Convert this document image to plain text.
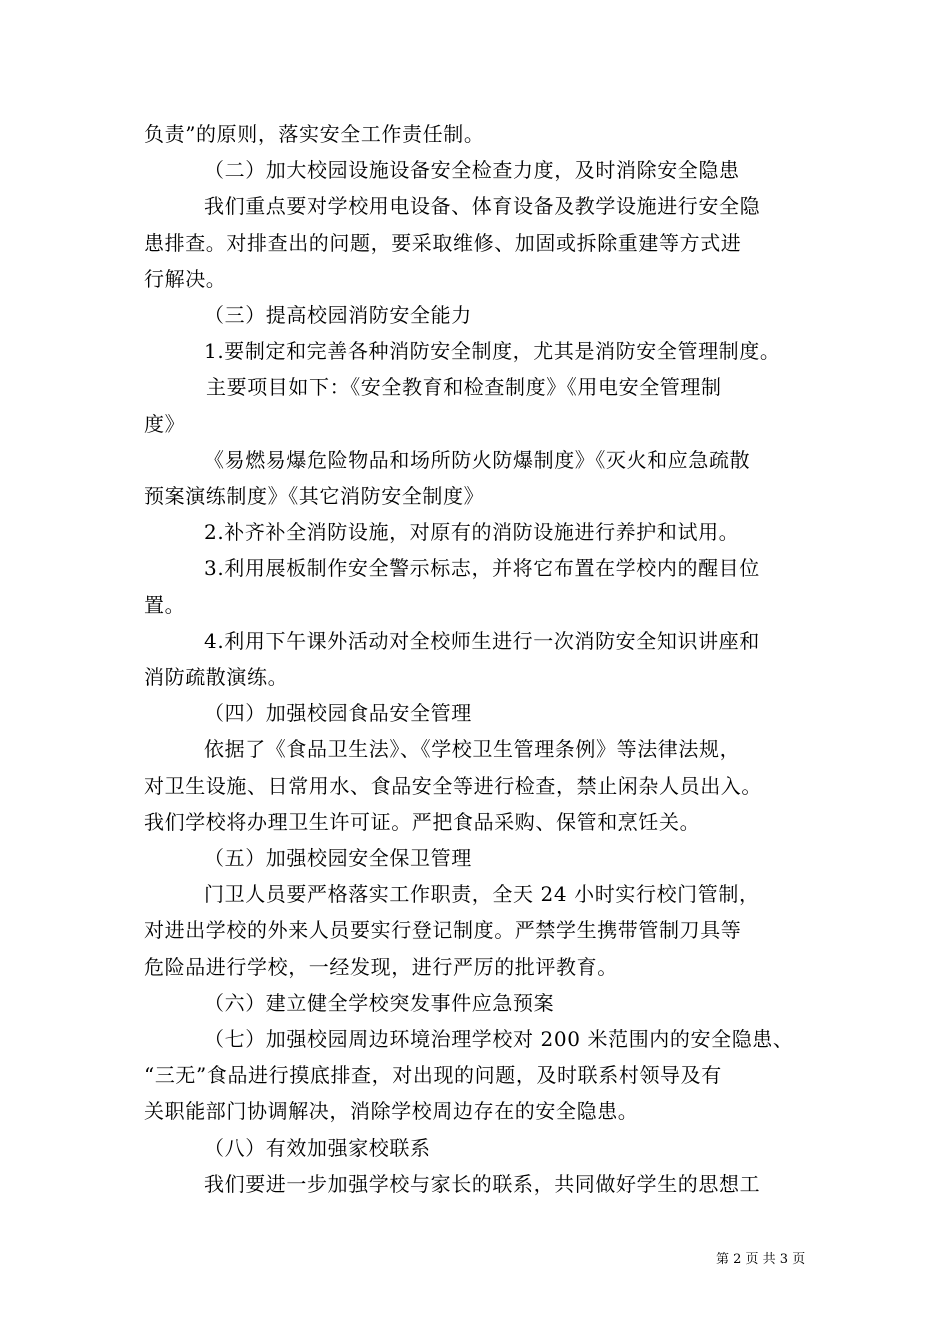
负责”的原则，落实安全工作责任制。
（二）加大校园设施设备安全检查力度，及时消除安全隐患
我们重点要对学校用电设备、体育设备及教学设施进行安全隐
患排查。对排查出的问题，要采取维修、加固或拆除重建等方式进
行解决。
（三）提高校园消防安全能力
1.要制定和完善各种消防安全制度，尤其是消防安全管理制度。
主要项目如下：《安全教育和检查制度》《用电安全管理制
度》
《易燃易爆危险物品和场所防火防爆制度》《灭火和应急疏散
预案演练制度》《其它消防安全制度》
2.补齐补全消防设施，对原有的消防设施进行养护和试用。
3.利用展板制作安全警示标志，并将它布置在学校内的醒目位
置。
4.利用下午课外活动对全校师生进行一次消防安全知识讲座和
消防疏散演练。
（四）加强校园食品安全管理
依据了《食品卫生法》、《学校卫生管理条例》等法律法规，
对卫生设施、日常用水、食品安全等进行检查，禁止闲杂人员出入。
我们学校将办理卫生许可证。严把食品采购、保管和烹饪关。
（五）加强校园安全保卫管理
门卫人员要严格落实工作职责，全天 24 小时实行校门管制，
对进出学校的外来人员要实行登记制度。严禁学生携带管制刀具等
危险品进行学校，一经发现，进行严厉的批评教育。
（六）建立健全学校突发事件应急预案
（七）加强校园周边环境治理学校对 200 米范围内的安全隐患、
“三无”食品进行摸底排查，对出现的问题，及时联系村领导及有
关职能部门协调解决，消除学校周边存在的安全隐患。
（八）有效加强家校联系
我们要进一步加强学校与家长的联系，共同做好学生的思想工
第 2 页 共 3 页
